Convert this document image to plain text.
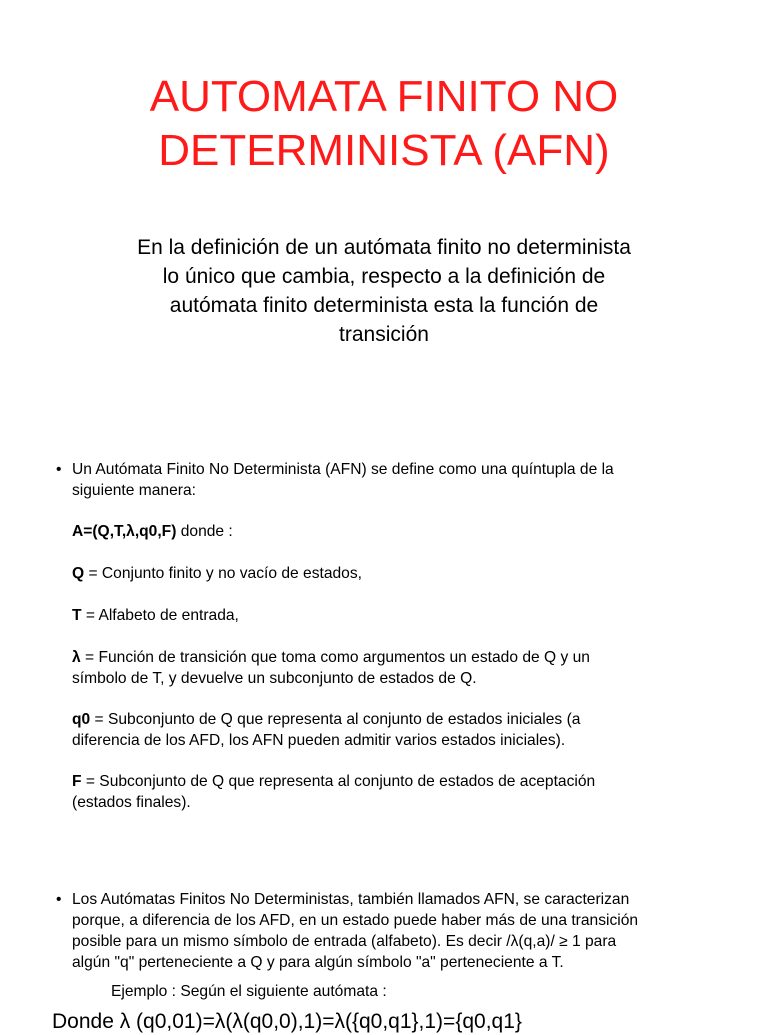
AUTOMATA FINITO NO
DETERMINISTA (AFN)
En la definición de un autómata finito no determinista
lo único que cambia, respecto a la definición de
autómata finito determinista esta la función de
transición
• Un Autómata Finito No Determinista (AFN) se define como una quíntupla de la
siguiente manera:
A=(Q,T,λ,q0,F) donde :
Q = Conjunto finito y no vacío de estados,
T = Alfabeto de entrada,
λ = Función de transición que toma como argumentos un estado de Q y un
símbolo de T, y devuelve un subconjunto de estados de Q.
q0 = Subconjunto de Q que representa al conjunto de estados iniciales (a
diferencia de los AFD, los AFN pueden admitir varios estados iniciales).
F = Subconjunto de Q que representa al conjunto de estados de aceptación
(estados finales).
• Los Autómatas Finitos No Deterministas, también llamados AFN, se caracterizan
porque, a diferencia de los AFD, en un estado puede haber más de una transición
posible para un mismo símbolo de entrada (alfabeto). Es decir /λ(q,a)/ ≥ 1 para
algún "q" perteneciente a Q y para algún símbolo "a" perteneciente a T.
Ejemplo : Según el siguiente autómata :
Donde λ (q0,01)=λ(λ(q0,0),1)=λ({q0,q1},1)={q0,q1}
